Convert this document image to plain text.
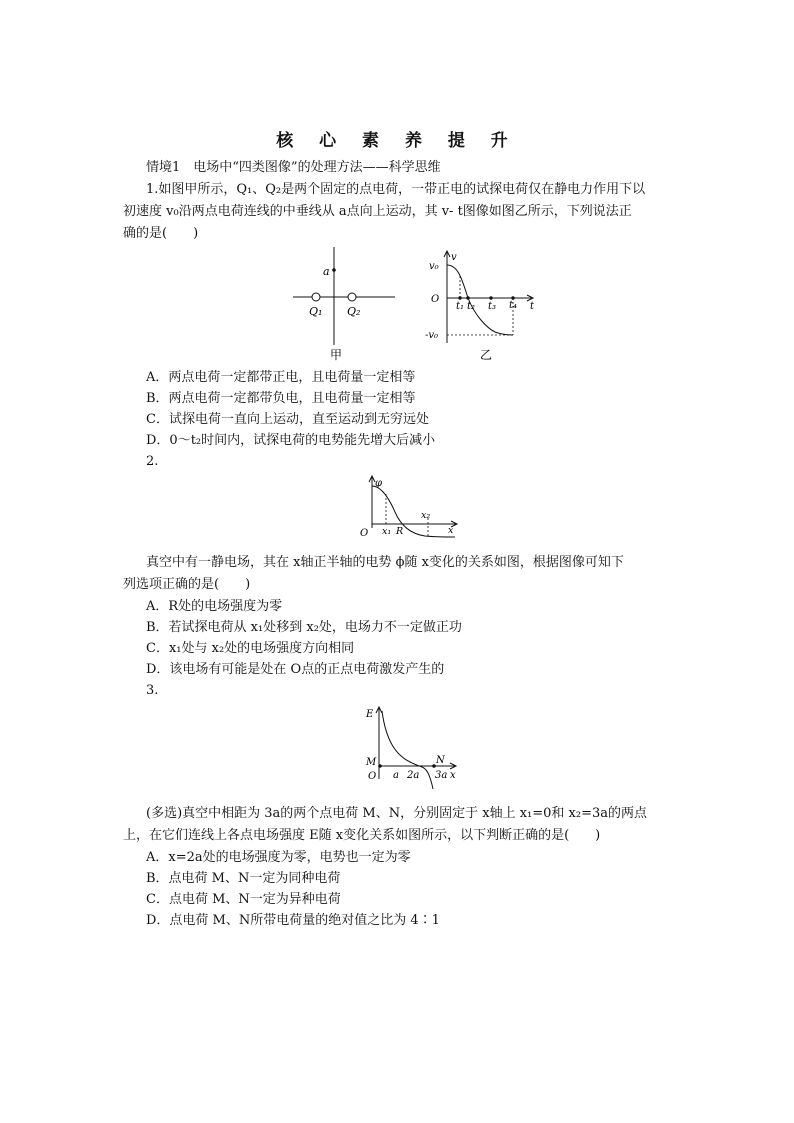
核 心 素 养 提 升
情境1　电场中“四类图像”的处理方法——科学思维
1.如图甲所示，Q₁、Q₂是两个固定的点电荷，一带正电的试探电荷仅在静电力作用下以
初速度 v₀沿两点电荷连线的中垂线从 a点向上运动，其 v- t图像如图乙所示，下列说法正
确的是(　　)
a
Q₁ Q₂
甲
v
v₀
O
-v₀
t₁ t₂ t₃ t₄ t
乙
A．两点电荷一定都带正电，且电荷量一定相等
B．两点电荷一定都带负电，且电荷量一定相等
C．试探电荷一直向上运动，直至运动到无穷远处
D．0～t₂时间内，试探电荷的电势能先增大后减小
2.
φ
O x₁ R
x₂
x
真空中有一静电场，其在 x轴正半轴的电势 ϕ随 x变化的关系如图，根据图像可知下
列选项正确的是(　　)
A．R处的电场强度为零
B．若试探电荷从 x₁处移到 x₂处，电场力不一定做正功
C．x₁处与 x₂处的电场强度方向相同
D．该电场有可能是处在 O点的正点电荷激发产生的
3.
E
M
O
N
a 2a 3a x
(多选)真空中相距为 3a的两个点电荷 M、N，分别固定于 x轴上 x₁=0和 x₂=3a的两点
上，在它们连线上各点电场强度 E随 x变化关系如图所示，以下判断正确的是(　　)
A．x=2a处的电场强度为零，电势也一定为零
B．点电荷 M、N一定为同种电荷
C．点电荷 M、N一定为异种电荷
D．点电荷 M、N所带电荷量的绝对值之比为 4∶1
